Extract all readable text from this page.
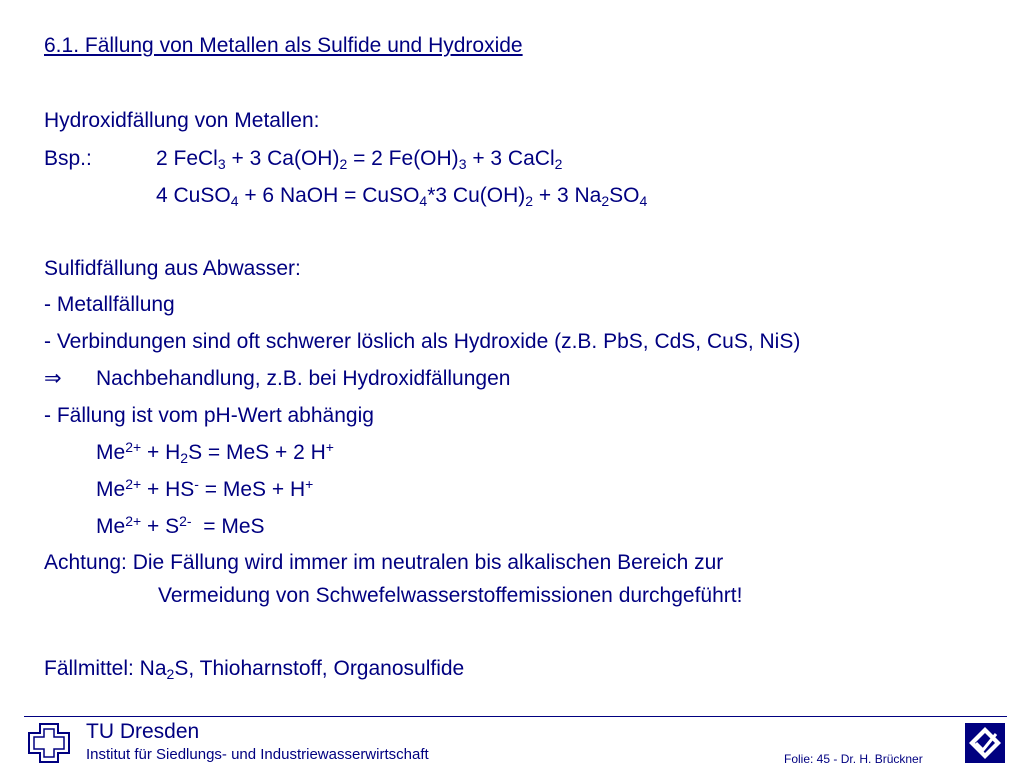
6.1. Fällung von Metallen als Sulfide und Hydroxide
Hydroxidfällung von Metallen:
Bsp.:	2 FeCl$_3$ + 3 $Ca(OH)_2 = 2$ $Fe(OH)_3 + 3$ CaCl$_2$
4 CuSO$_4$ + 6 NaOH = CuSO$_4$*3 $Cu(OH)_2 + 3$ $Na_2SO_4$
Sulfidfällung aus Abwasser:
- Metallfällung
- Verbindungen sind oft schwerer löslich als Hydroxide (z.B. PbS, CdS, CuS, NiS)
⇒ Nachbehandlung, z.B. bei Hydroxidfällungen
- Fällung ist vom pH-Wert abhängig
$Me^{2+} + H_2S$ = MeS + 2 H+
$Me^{2+} + HS^-$ = MeS + H+
$Me^{2+} + S^{2-}$  = MeS
Achtung: Die Fällung wird immer im neutralen bis alkalischen Bereich zur
Vermeidung von Schwefelwasserstoffemissionen durchgeführt!
Fällmittel: $Na_2S$, Thioharnstoff, Organosulfide
TU Dresden
Institut für Siedlungs- und Industriewasserwirtschaft	Folie: 45 - Dr. H. Brückner
